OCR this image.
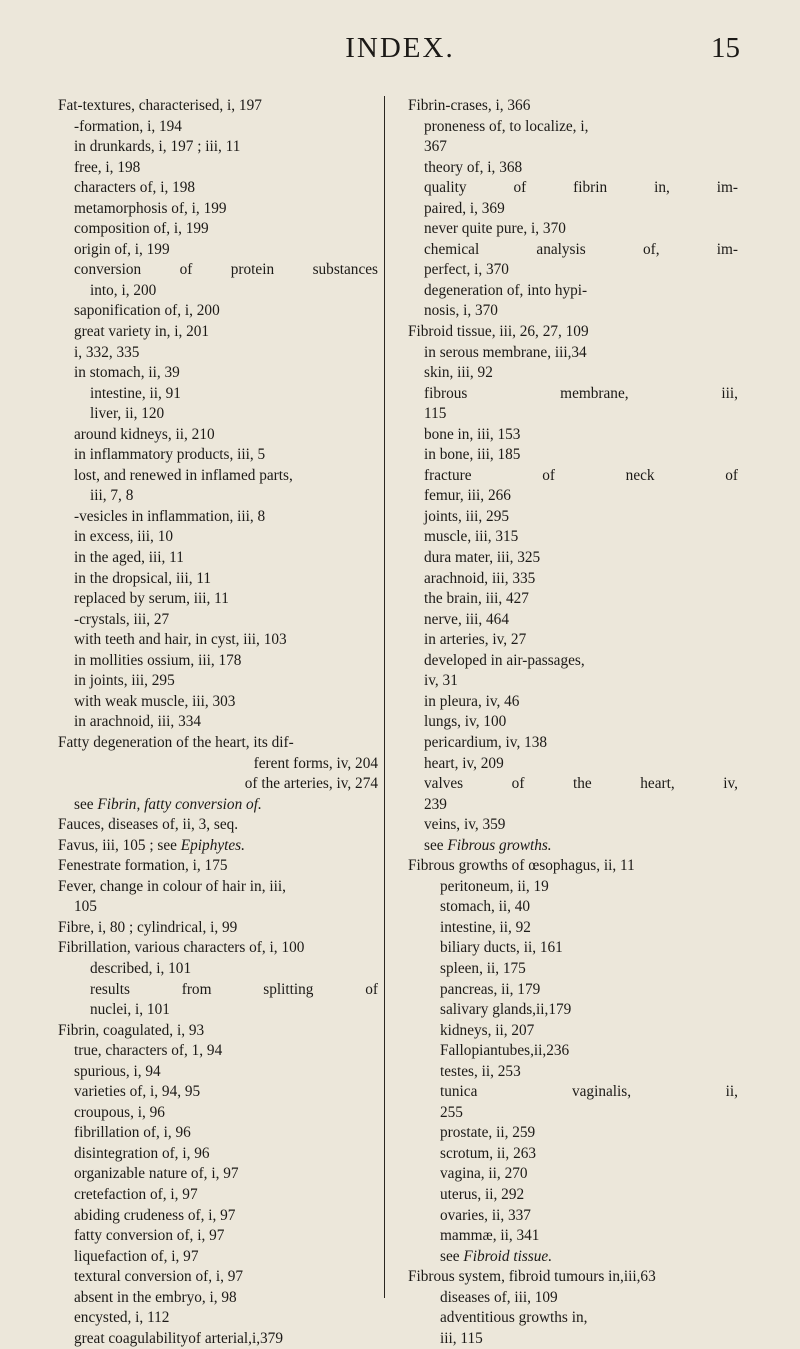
INDEX.	15
Fat-textures, characterised, i, 197
-formation, i, 194
in drunkards, i, 197 ; iii, 11
free, i, 198
characters of, i, 198
metamorphosis of, i, 199
composition of, i, 199
origin of, i, 199
conversion of protein substances
into, i, 200
saponification of, i, 200
great variety in, i, 201
i, 332, 335
in stomach, ii, 39
intestine, ii, 91
liver, ii, 120
around kidneys, ii, 210
in inflammatory products, iii, 5
lost, and renewed in inflamed parts,
iii, 7, 8
-vesicles in inflammation, iii, 8
in excess, iii, 10
in the aged, iii, 11
in the dropsical, iii, 11
replaced by serum, iii, 11
-crystals, iii, 27
with teeth and hair, in cyst, iii, 103
in mollities ossium, iii, 178
in joints, iii, 295
with weak muscle, iii, 303
in arachnoid, iii, 334
Fatty degeneration of the heart, its dif-
ferent forms, iv, 204
of the arteries, iv, 274
see Fibrin, fatty conversion of.
Fauces, diseases of, ii, 3, seq.
Favus, iii, 105 ; see Epiphytes.
Fenestrate formation, i, 175
Fever, change in colour of hair in, iii,
105
Fibre, i, 80 ; cylindrical, i, 99
Fibrillation, various characters of, i, 100
described, i, 101
results from splitting of
nuclei, i, 101
Fibrin, coagulated, i, 93
true, characters of, 1, 94
spurious, i, 94
varieties of, i, 94, 95
croupous, i, 96
fibrillation of, i, 96
disintegration of, i, 96
organizable nature of, i, 97
cretefaction of, i, 97
abiding crudeness of, i, 97
fatty conversion of, i, 97
liquefaction of, i, 97
textural conversion of, i, 97
absent in the embryo, i, 98
encysted, i, 112
great coagulabilityof arterial,i,379
Fibrin-crases, i, 366
proneness of, to localize, i,
367
theory of, i, 368
quality of fibrin in, im-
paired, i, 369
never quite pure, i, 370
chemical analysis of, im-
perfect, i, 370
degeneration of, into hypi-
nosis, i, 370
Fibroid tissue, iii, 26, 27, 109
in serous membrane, iii,34
skin, iii, 92
fibrous membrane, iii,
115
bone in, iii, 153
in bone, iii, 185
fracture of neck of
femur, iii, 266
joints, iii, 295
muscle, iii, 315
dura mater, iii, 325
arachnoid, iii, 335
the brain, iii, 427
nerve, iii, 464
in arteries, iv, 27
developed in air-passages,
iv, 31
in pleura, iv, 46
lungs, iv, 100
pericardium, iv, 138
heart, iv, 209
valves of the heart, iv,
239
veins, iv, 359
see Fibrous growths.
Fibrous growths of œsophagus, ii, 11
peritoneum, ii, 19
stomach, ii, 40
intestine, ii, 92
biliary ducts, ii, 161
spleen, ii, 175
pancreas, ii, 179
salivary glands,ii,179
kidneys, ii, 207
Fallopiantubes,ii,236
testes, ii, 253
tunica vaginalis, ii,
255
prostate, ii, 259
scrotum, ii, 263
vagina, ii, 270
uterus, ii, 292
ovaries, ii, 337
mammæ, ii, 341
see Fibroid tissue.
Fibrous system, fibroid tumours in,iii,63
diseases of, iii, 109
adventitious growths in,
iii, 115
